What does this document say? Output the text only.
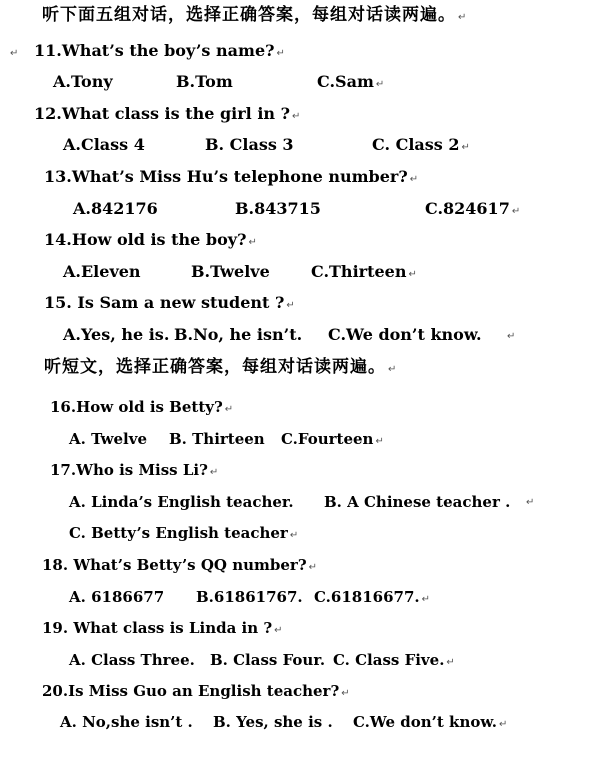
听下面五组对话，选择正确答案，每组对话读两遍。 ↵
↵ 11.What’s the boy’s name? ↵
A.Tony	B.Tom	C.Sam ↵
12.What class is the girl in ? ↵
A.Class 4	B. Class 3	C. Class 2 ↵
13.What’s Miss Hu’s telephone number? ↵
A.842176	B.843715	C.824617 ↵
14.How old is the boy? ↵
A.Eleven	B.Twelve	C.Thirteen ↵
15. Is Sam a new student ? ↵
A.Yes, he is. B.No, he isn’t. C.We don’t know.	↵
听短文，选择正确答案，每组对话读两遍。 ↵
16.How old is Betty? ↵
A. Twelve B. Thirteen C.Fourteen ↵
17.Who is Miss Li? ↵
A. Linda’s English teacher. B. A Chinese teacher . ↵
C. Betty’s English teacher ↵
18. What’s Betty’s QQ number? ↵
A. 6186677 B.61861767. C.61816677. ↵
19. What class is Linda in ? ↵
A. Class Three. B. Class Four. C. Class Five. ↵
20.Is Miss Guo an English teacher? ↵
A. No,she isn’t . B. Yes, she is . C.We don’t know. ↵
